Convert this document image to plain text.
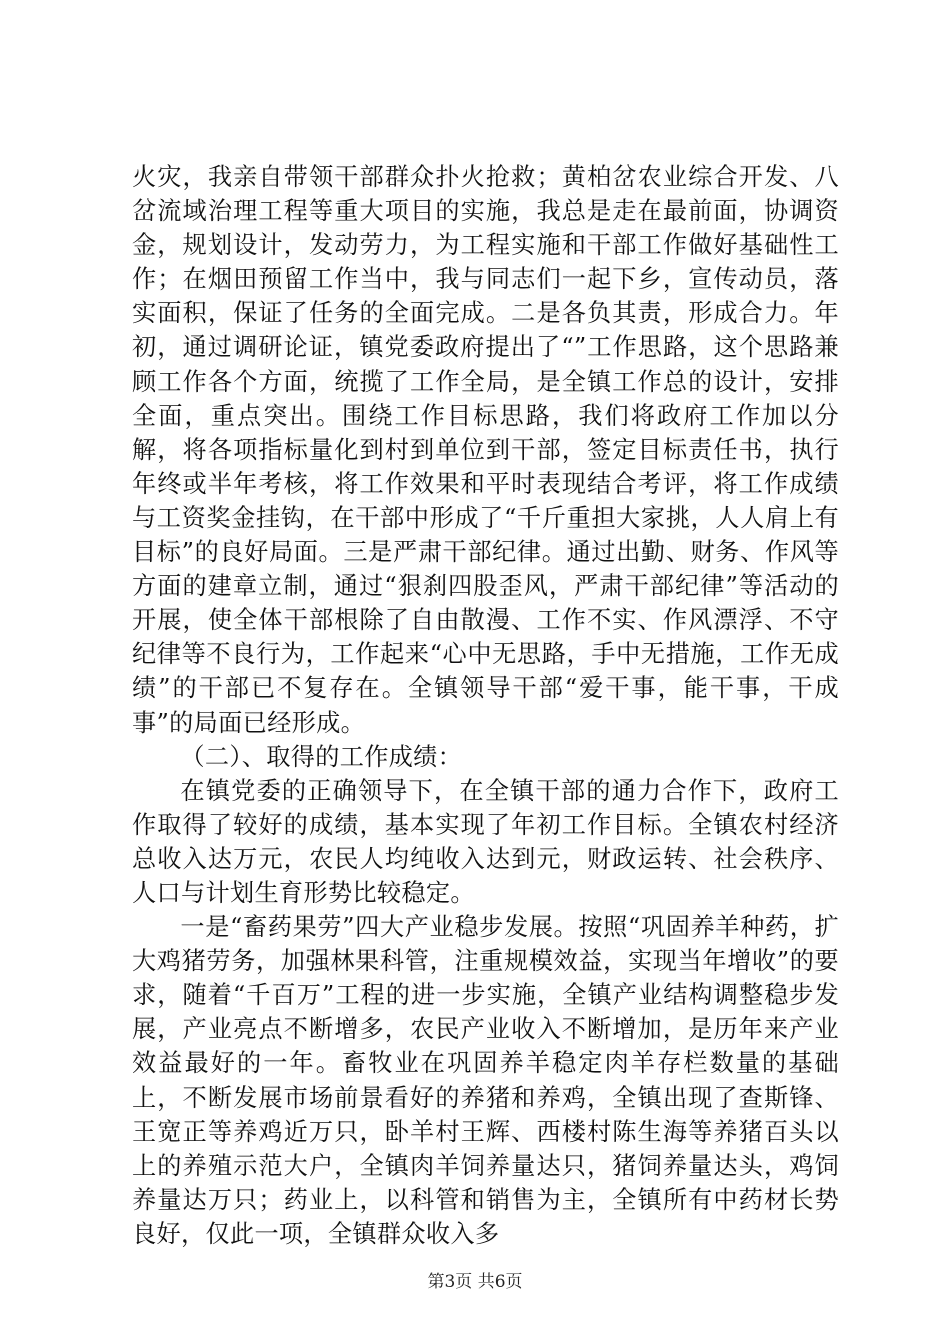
火灾，我亲自带领干部群众扑火抢救；黄柏岔农业综合开发、八岔流域治理工程等重大项目的实施，我总是走在最前面，协调资金，规划设计，发动劳力，为工程实施和干部工作做好基础性工作；在烟田预留工作当中，我与同志们一起下乡，宣传动员，落实面积，保证了任务的全面完成。二是各负其责，形成合力。年初，通过调研论证，镇党委政府提出了“”工作思路，这个思路兼顾工作各个方面，统揽了工作全局，是全镇工作总的设计，安排全面，重点突出。围绕工作目标思路，我们将政府工作加以分解，将各项指标量化到村到单位到干部，签定目标责任书，执行年终或半年考核，将工作效果和平时表现结合考评，将工作成绩与工资奖金挂钩，在干部中形成了“千斤重担大家挑，人人肩上有目标”的良好局面。三是严肃干部纪律。通过出勤、财务、作风等方面的建章立制，通过“狠刹四股歪风，严肃干部纪律”等活动的开展，使全体干部根除了自由散漫、工作不实、作风漂浮、不守纪律等不良行为，工作起来“心中无思路，手中无措施，工作无成绩”的干部已不复存在。全镇领导干部“爱干事，能干事，干成事”的局面已经形成。

（二）、取得的工作成绩：

在镇党委的正确领导下，在全镇干部的通力合作下，政府工作取得了较好的成绩，基本实现了年初工作目标。全镇农村经济总收入达万元，农民人均纯收入达到元，财政运转、社会秩序、人口与计划生育形势比较稳定。

一是“畜药果劳”四大产业稳步发展。按照“巩固养羊种药，扩大鸡猪劳务，加强林果科管，注重规模效益，实现当年增收”的要求，随着“千百万”工程的进一步实施，全镇产业结构调整稳步发展，产业亮点不断增多，农民产业收入不断增加，是历年来产业效益最好的一年。畜牧业在巩固养羊稳定肉羊存栏数量的基础上，不断发展市场前景看好的养猪和养鸡，全镇出现了查斯锋、王宽正等养鸡近万只，卧羊村王辉、西楼村陈生海等养猪百头以上的养殖示范大户，全镇肉羊饲养量达只，猪饲养量达头，鸡饲养量达万只；药业上，以科管和销售为主，全镇所有中药材长势良好，仅此一项，全镇群众收入多

第3页 共6页
